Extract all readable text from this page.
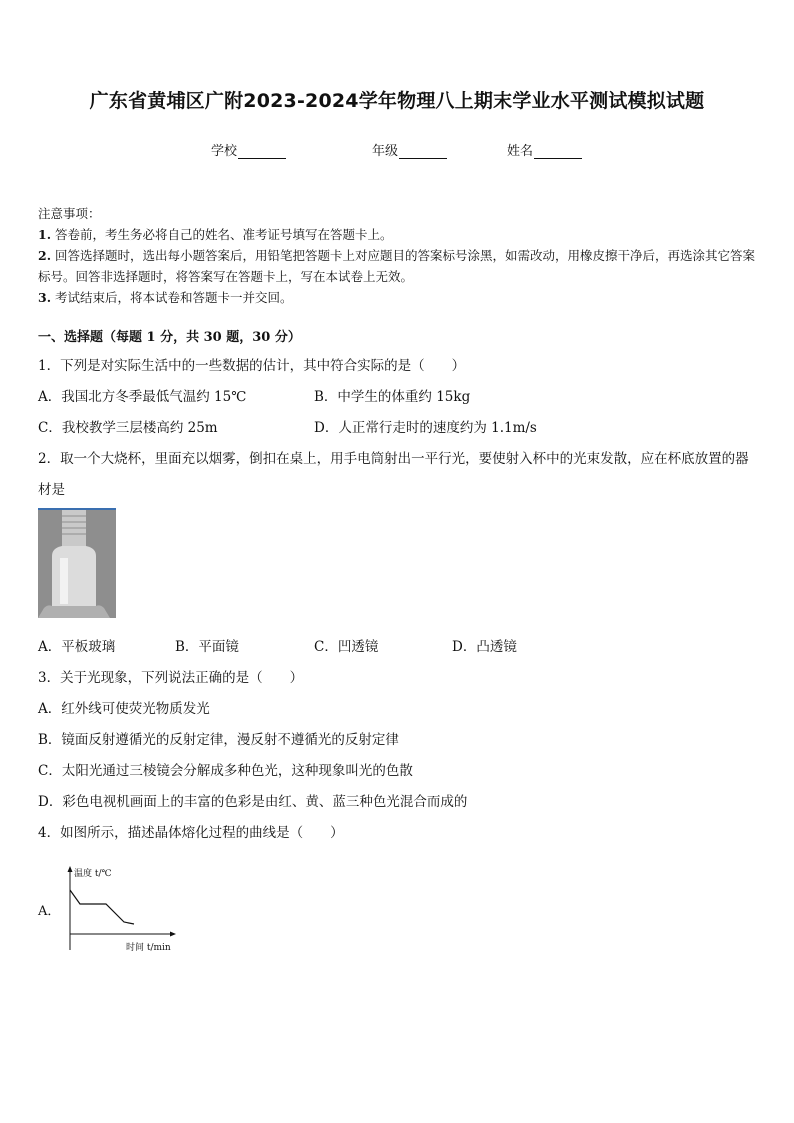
广东省黄埔区广附2023-2024学年物理八上期末学业水平测试模拟试题
学校	年级	姓名
注意事项：
1. 答卷前，考生务必将自己的姓名、准考证号填写在答题卡上。
2. 回答选择题时，选出每小题答案后，用铅笔把答题卡上对应题目的答案标号涂黑，如需改动，用橡皮擦干净后，再选涂其它答案标号。回答非选择题时，将答案写在答题卡上，写在本试卷上无效。
3. 考试结束后，将本试卷和答题卡一并交回。
一、选择题（每题 1 分，共 30 题，30 分）
1．下列是对实际生活中的一些数据的估计，其中符合实际的是（　　）
A．我国北方冬季最低气温约 15℃	B．中学生的体重约 15kg
C．我校教学三层楼高约 25m	D．人正常行走时的速度约为 1.1m/s
2．取一个大烧杯，里面充以烟雾，倒扣在桌上，用手电筒射出一平行光，要使射入杯中的光束发散，应在杯底放置的器材是
A．平板玻璃	B．平面镜	C．凹透镜	D．凸透镜
3．关于光现象，下列说法正确的是（　　）
A．红外线可使荧光物质发光
B．镜面反射遵循光的反射定律，漫反射不遵循光的反射定律
C．太阳光通过三棱镜会分解成多种色光，这种现象叫光的色散
D．彩色电视机画面上的丰富的色彩是由红、黄、蓝三种色光混合而成的
4．如图所示，描述晶体熔化过程的曲线是（　　）
A．
温度 t/℃
时间 t/min
